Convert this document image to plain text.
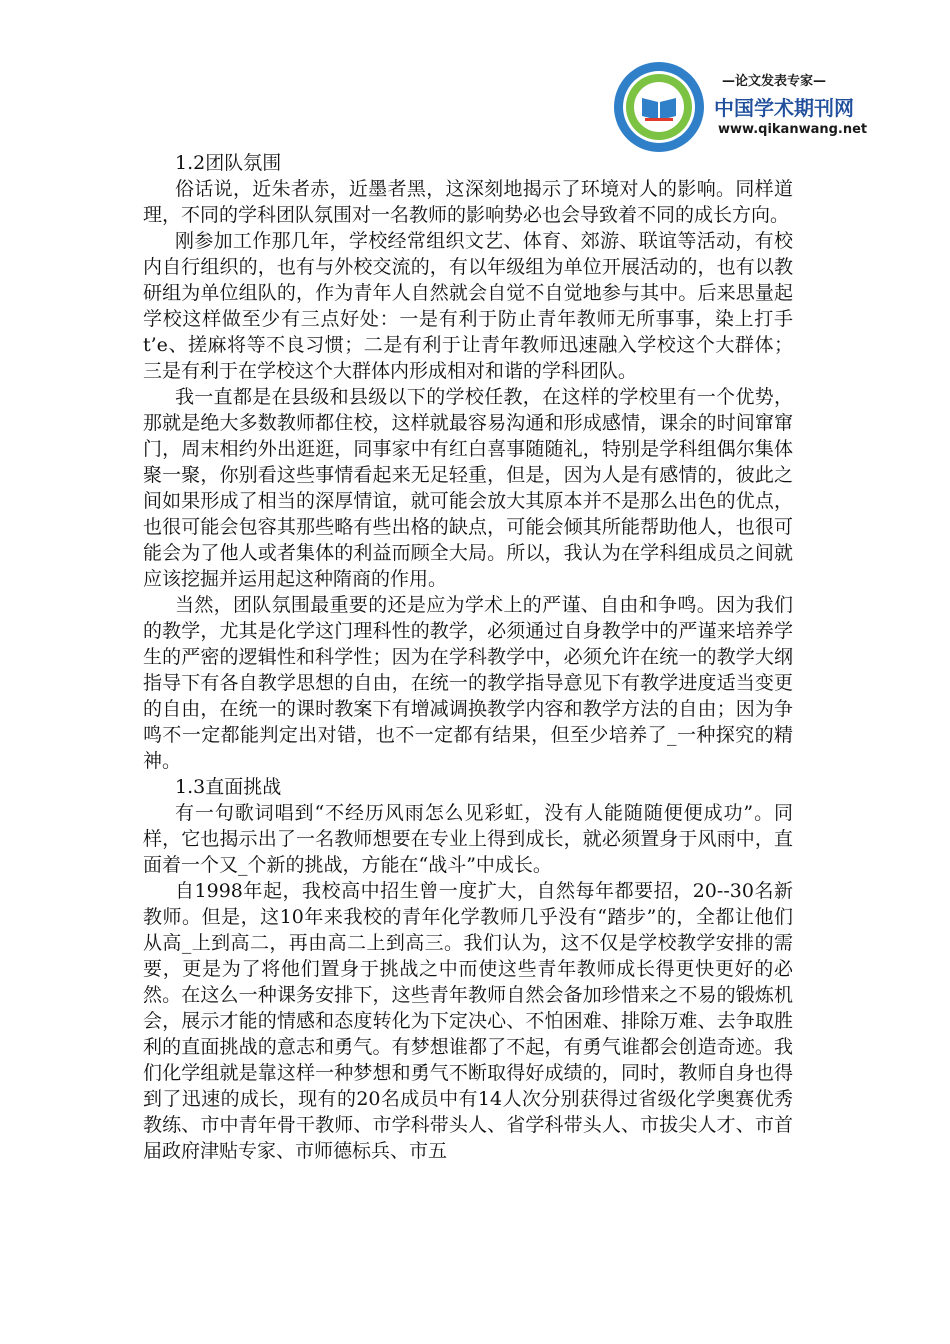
—论文发表专家—
中国学术期刊网
www.qikanwang.net
1.2团队氛围

俗话说，近朱者赤，近墨者黑，这深刻地揭示了环境对人的影响。同样道理，不同的学科团队氛围对一名教师的影响势必也会导致着不同的成长方向。

刚参加工作那几年，学校经常组织文艺、体育、郊游、联谊等活动，有校内自行组织的，也有与外校交流的，有以年级组为单位开展活动的，也有以教研组为单位组队的，作为青年人自然就会自觉不自觉地参与其中。后来思量起学校这样做至少有三点好处：一是有利于防止青年教师无所事事，染上打手t’e、搓麻将等不良习惯；二是有利于让青年教师迅速融入学校这个大群体；三是有利于在学校这个大群体内形成相对和谐的学科团队。

我一直都是在县级和县级以下的学校任教，在这样的学校里有一个优势，那就是绝大多数教师都住校，这样就最容易沟通和形成感情，课余的时间窜窜门，周末相约外出逛逛，同事家中有红白喜事随随礼，特别是学科组偶尔集体聚一聚，你别看这些事情看起来无足轻重，但是，因为人是有感情的，彼此之间如果形成了相当的深厚情谊，就可能会放大其原本并不是那么出色的优点，也很可能会包容其那些略有些出格的缺点，可能会倾其所能帮助他人，也很可能会为了他人或者集体的利益而顾全大局。所以，我认为在学科组成员之间就应该挖掘并运用起这种隋商的作用。

当然，团队氛围最重要的还是应为学术上的严谨、自由和争鸣。因为我们的教学，尤其是化学这门理科性的教学，必须通过自身教学中的严谨来培养学生的严密的逻辑性和科学性；因为在学科教学中，必须允许在统一的教学大纲指导下有各自教学思想的自由，在统一的教学指导意见下有教学进度适当变更的自由，在统一的课时教案下有增减调换教学内容和教学方法的自由；因为争鸣不一定都能判定出对错，也不一定都有结果，但至少培养了_一种探究的精神。

1.3直面挑战

有一句歌词唱到“不经历风雨怎么见彩虹，没有人能随随便便成功”。同样，它也揭示出了一名教师想要在专业上得到成长，就必须置身于风雨中，直面着一个又_个新的挑战，方能在“战斗”中成长。

自1998年起，我校高中招生曾一度扩大，自然每年都要招，20--30名新教师。但是，这10年来我校的青年化学教师几乎没有“踏步”的，全都让他们从高_上到高二，再由高二上到高三。我们认为，这不仅是学校教学安排的需要，更是为了将他们置身于挑战之中而使这些青年教师成长得更快更好的必然。在这么一种课务安排下，这些青年教师自然会备加珍惜来之不易的锻炼机会，展示才能的情感和态度转化为下定决心、不怕困难、排除万难、去争取胜利的直面挑战的意志和勇气。有梦想谁都了不起，有勇气谁都会创造奇迹。我们化学组就是靠这样一种梦想和勇气不断取得好成绩的，同时，教师自身也得到了迅速的成长，现有的20名成员中有14人次分别获得过省级化学奥赛优秀教练、市中青年骨干教师、市学科带头人、省学科带头人、市拔尖人才、市首届政府津贴专家、市师德标兵、市五
